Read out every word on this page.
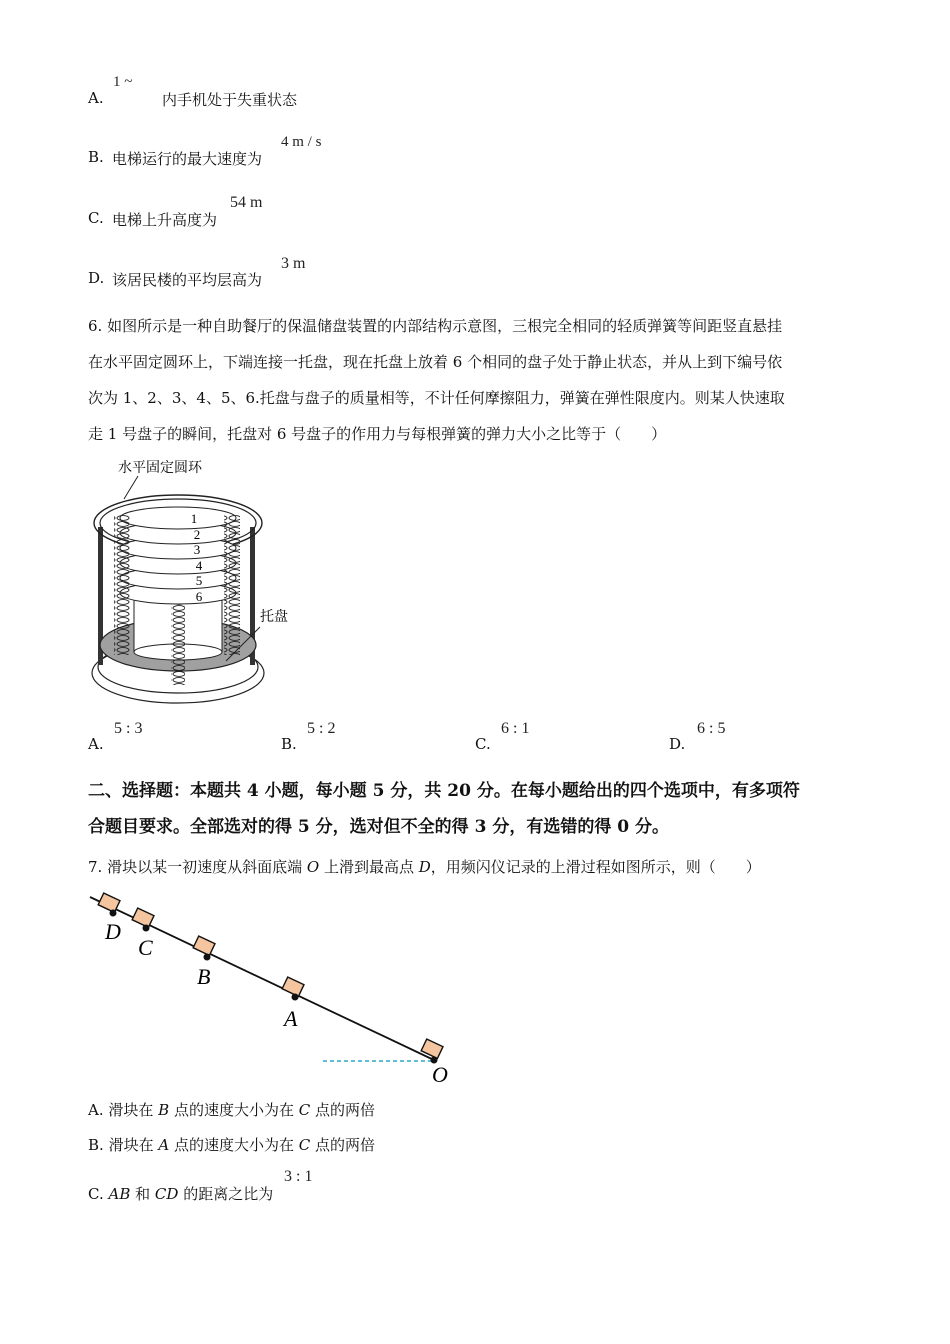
A.
1 ~
内手机处于失重状态
B. 电梯运行的最大速度为
4 m / s
C. 电梯上升高度为
54 m
D. 该居民楼的平均层高为
3 m
6. 如图所示是一种自助餐厅的保温储盘装置的内部结构示意图，三根完全相同的轻质弹簧等间距竖直悬挂
在水平固定圆环上，下端连接一托盘，现在托盘上放着 6 个相同的盘子处于静止状态，并从上到下编号依
次为 1、2、3、4、5、6.托盘与盘子的质量相等，不计任何摩擦阻力，弹簧在弹性限度内。则某人快速取
走 1 号盘子的瞬间，托盘对 6 号盘子的作用力与每根弹簧的弹力大小之比等于（　　）
1
2
3
4
5
6
水平固定圆环
托盘
A.
5 : 3
B.
5 : 2
C.
6 : 1
D.
6 : 5
二、选择题：本题共 4 小题，每小题 5 分，共 20 分。在每小题给出的四个选项中，有多项符
合题目要求。全部选对的得 5 分，选对但不全的得 3 分，有选错的得 0 分。
7. 滑块以某一初速度从斜面底端 O 上滑到最高点 D，用频闪仪记录的上滑过程如图所示，则（　　）
D
C
B
A
O
A. 滑块在 B 点的速度大小为在 C 点的两倍
B. 滑块在 A 点的速度大小为在 C 点的两倍
C. AB 和 CD 的距离之比为
3 : 1
